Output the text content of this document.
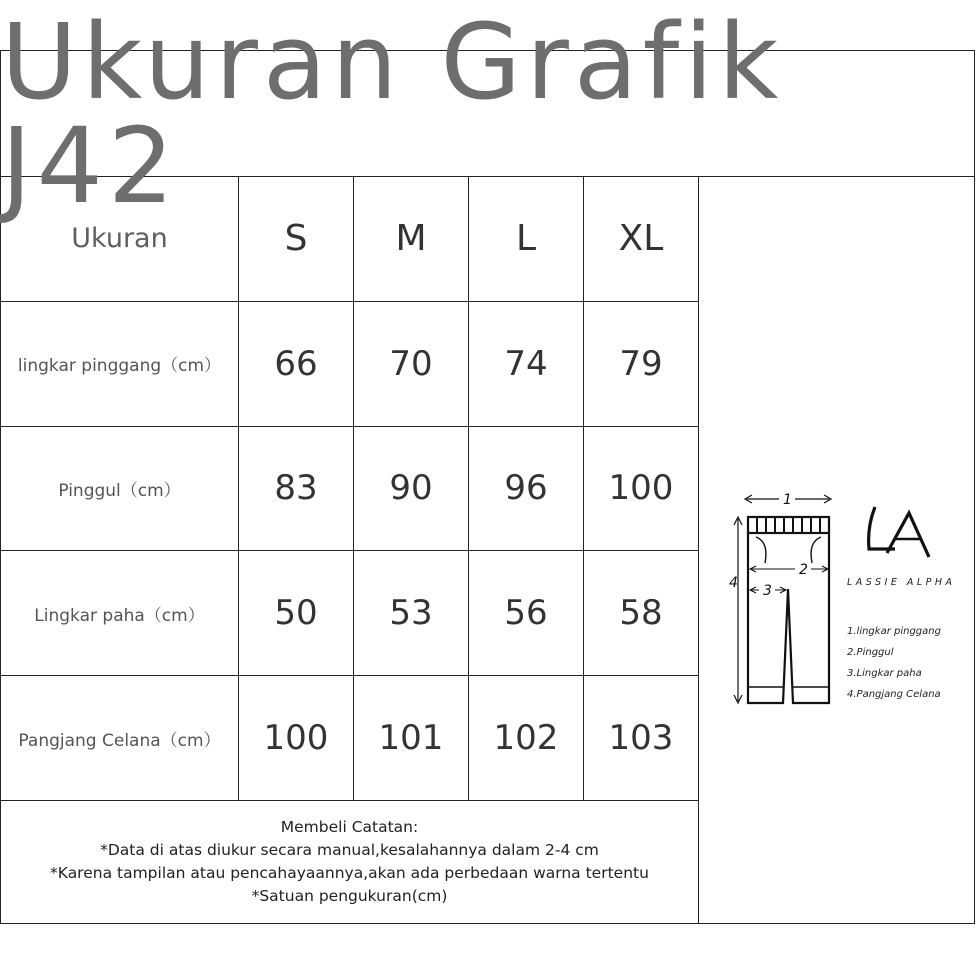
Ukuran Grafik J42
Ukuran	S M L XL
lingkar pinggang（cm） 66 70 74 79
Pinggul（cm）	83 90 96 100
Lingkar paha（cm） 50 53 56 58
Pangjang Celana（cm） 100 101 102 103
Membeli Catatan:
*Data di atas diukur secara manual,kesalahannya dalam 2-4 cm
*Karena tampilan atau pencahayaannya,akan ada perbedaan warna tertentu
*Satuan pengukuran(cm)
1
2
3
4	LASSIE ALPHA
1.lingkar pinggang
2.Pinggul
3.Lingkar paha
4.Pangjang Celana
